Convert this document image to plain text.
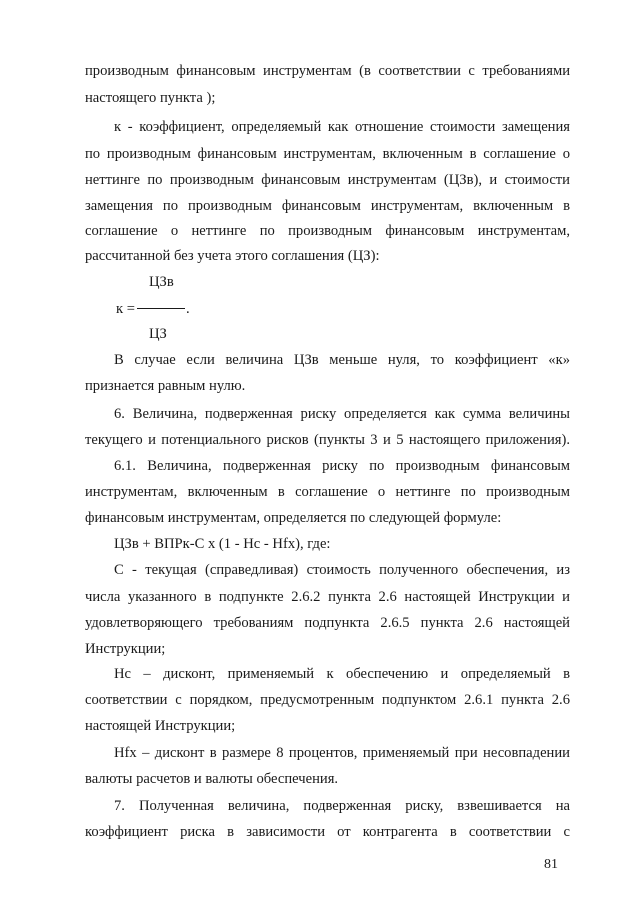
производным финансовым инструментам (в соответствии с требованиями
настоящего пункта );
к - коэффициент, определяемый как отношение стоимости замещения
по производным финансовым инструментам, включенным в соглашение о
неттинге по производным финансовым инструментам (ЦЗв), и стоимости
замещения по производным финансовым инструментам, включенным в
соглашение о неттинге по производным финансовым инструментам,
рассчитанной без учета этого соглашения (ЦЗ):
ЦЗв
к =	.
ЦЗ
В случае если величина ЦЗв меньше нуля, то коэффициент «к»
признается равным нулю.
6. Величина, подверженная риску определяется как сумма величины
текущего и потенциального рисков (пункты 3 и 5 настоящего приложения).
6.1. Величина, подверженная риску по производным финансовым
инструментам, включенным в соглашение о неттинге по производным
финансовым инструментам, определяется по следующей формуле:
ЦЗв + ВПРк-С х (1 - Нс - Нfx), где:
С - текущая (справедливая) стоимость полученного обеспечения, из
числа указанного в подпункте 2.6.2 пункта 2.6 настоящей Инструкции и
удовлетворяющего требованиям подпункта 2.6.5 пункта 2.6 настоящей
Инструкции;
Нс – дисконт, применяемый к обеспечению и определяемый в
соответствии с порядком, предусмотренным подпунктом 2.6.1 пункта 2.6
настоящей Инструкции;
Нfx – дисконт в размере 8 процентов, применяемый при несовпадении
валюты расчетов и валюты обеспечения.
7. Полученная величина, подверженная риску, взвешивается на
коэффициент риска в зависимости от контрагента в соответствии с
81
